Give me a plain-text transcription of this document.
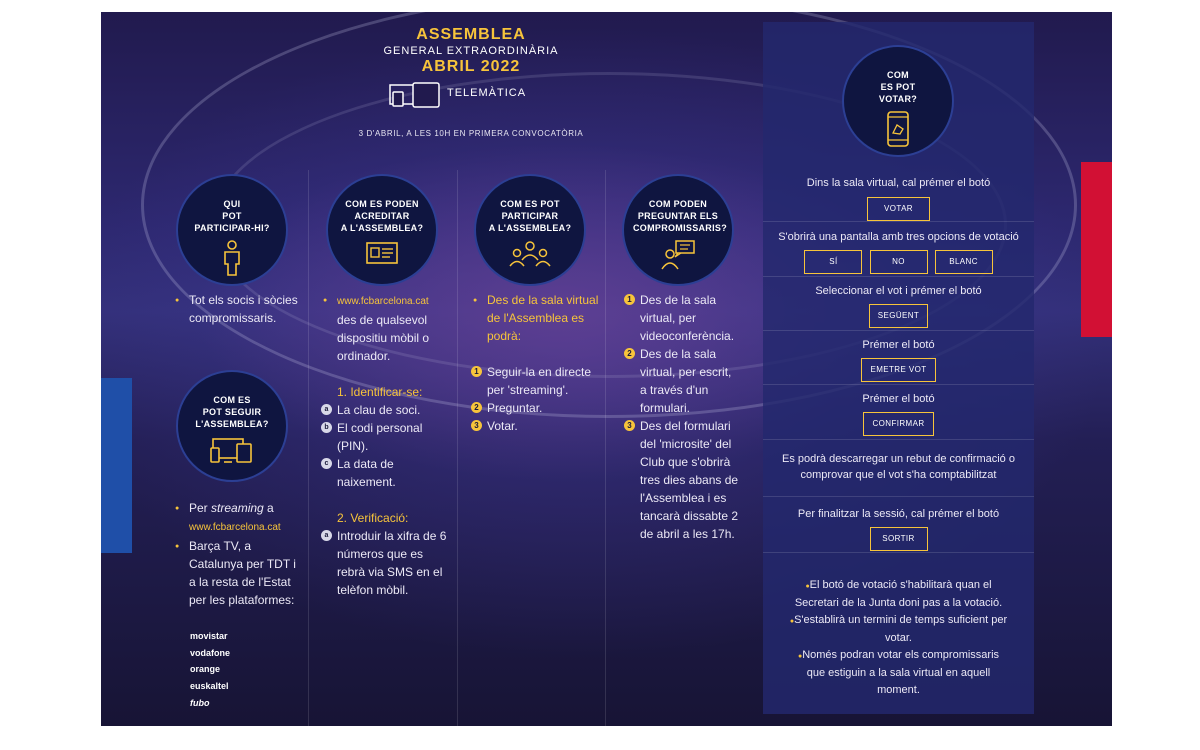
ASSEMBLEA
GENERAL EXTRAORDINÀRIA
ABRIL 2022
TELEMÀTICA
3 D'ABRIL, A LES 10H EN PRIMERA CONVOCATÒRIA
QUI
POT
PARTICIPAR-HI?
COM ES PODEN
ACREDITAR
A L'ASSEMBLEA?
COM ES POT
PARTICIPAR
A L'ASSEMBLEA?
COM PODEN
PREGUNTAR ELS
COMPROMISSARIS?
COM ES
POT SEGUIR
L'ASSEMBLEA?

● Tot els socis i sòcies compromissaris.

● Per streaming a
www.fcbarcelona.cat

● Barça TV, a Catalunya per TDT i a la resta de l'Estat per les plataformes:

movistar
vodafone
orange
euskaltel
fubo

● www.fcbarcelona.cat

des de qualsevol dispositiu mòbil o ordinador.

1. Identificar-se:

a La clau de soci.

b El codi personal (PIN).

c La data de naixement.

2. Verificació:

a Introduir la xifra de 6 números que es rebrà via SMS en el telèfon mòbil.

● Des de la sala virtual de l'Assemblea es podrà:

1 Seguir-la en directe per 'streaming'.

2 Preguntar.

3 Votar.

1 Des de la sala virtual, per videoconferència.

2 Des de la sala virtual, per escrit, a través d'un formulari.

3 Des del formulari del 'microsite' del Club que s'obrirà tres dies abans de l'Assemblea i es tancarà dissabte 2 de abril a les 17h.

COM
ES POT
VOTAR?
Dins la sala virtual, cal prémer el botó
VOTAR
S'obrirà una pantalla amb tres opcions de votació
SÍ	NO	BLANC
Seleccionar el vot i prémer el botó
SEGÜENT
Prémer el botó
EMETRE VOT
Prémer el botó
CONFIRMAR
Es podrà descarregar un rebut de confirmació o comprovar que el vot s'ha comptabilitzat
Per finalitzar la sessió, cal prémer el botó
SORTIR

●El botó de votació s'habilitarà quan el Secretari de la Junta doni pas a la votació.

●S'establirà un termini de temps suficient per votar.

●Només podran votar els compromissaris que estiguin a la sala virtual en aquell moment.
